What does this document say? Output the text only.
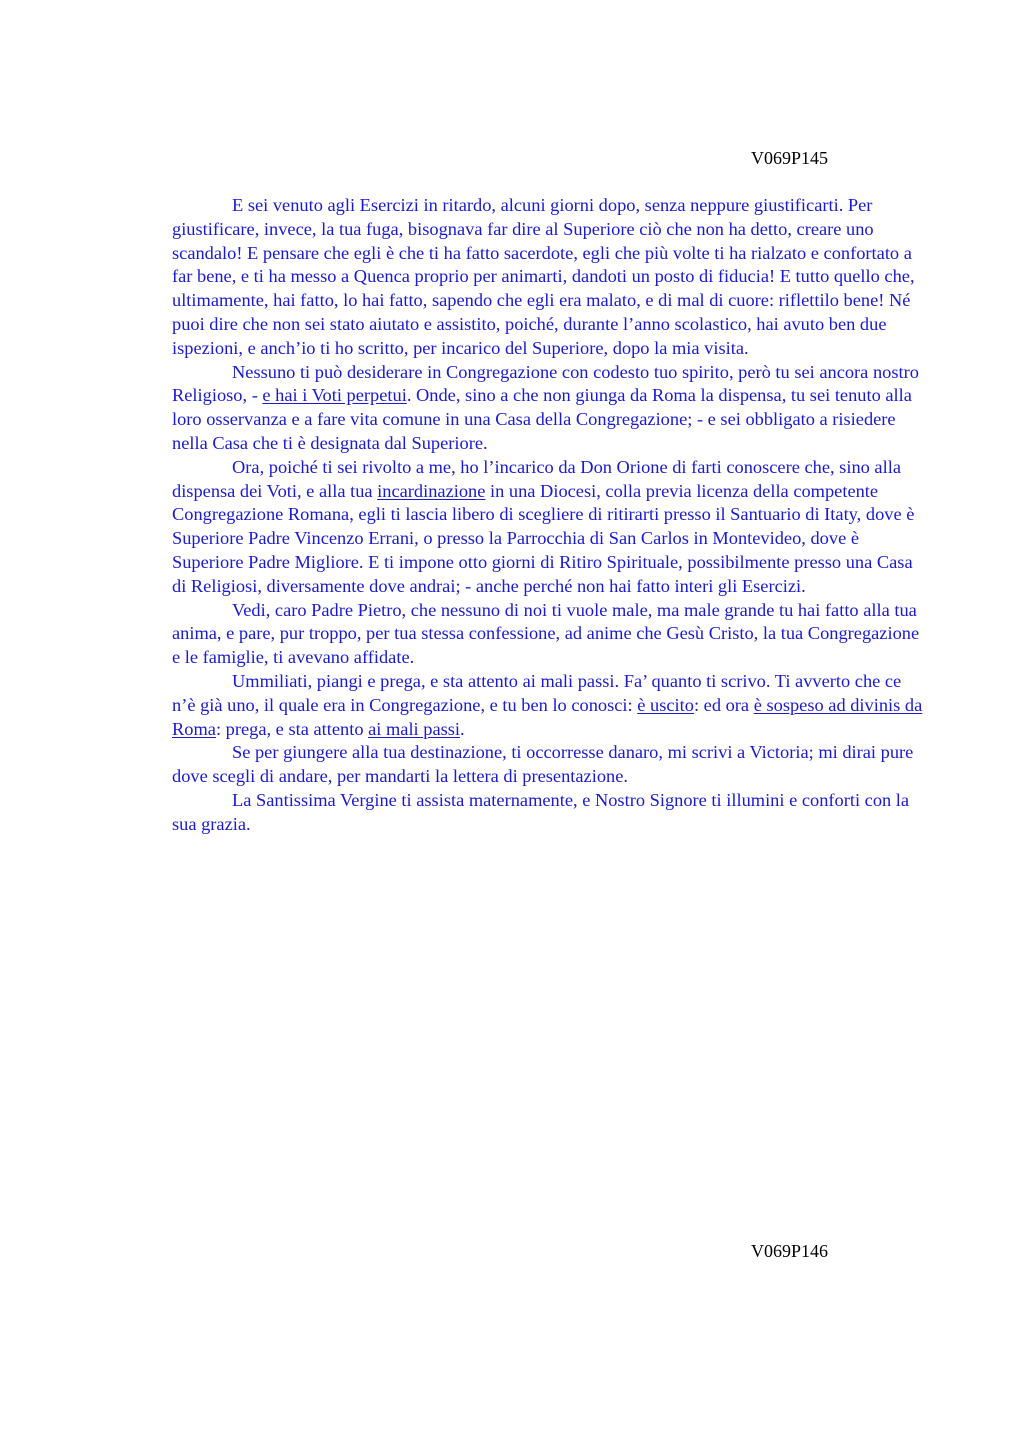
V069P145

E sei venuto agli Esercizi in ritardo, alcuni giorni dopo, senza neppure giustificarti. Per giustificare, invece, la tua fuga, bisognava far dire al Superiore ciò che non ha detto, creare uno scandalo! E pensare che egli è che ti ha fatto sacerdote, egli che più volte ti ha rialzato e confortato a far bene, e ti ha messo a Quenca proprio per animarti, dandoti un posto di fiducia! E tutto quello che, ultimamente, hai fatto, lo hai fatto, sapendo che egli era malato, e di mal di cuore: riflettilo bene! Né puoi dire che non sei stato aiutato e assistito, poiché, durante l’anno scolastico, hai avuto ben due ispezioni, e anch’io ti ho scritto, per incarico del Superiore, dopo la mia visita.

Nessuno ti può desiderare in Congregazione con codesto tuo spirito, però tu sei ancora nostro Religioso, - e hai i Voti perpetui. Onde, sino a che non giunga da Roma la dispensa, tu sei tenuto alla loro osservanza e a fare vita comune in una Casa della Congregazione; - e sei obbligato a risiedere nella Casa che ti è designata dal Superiore.

Ora, poiché ti sei rivolto a me, ho l’incarico da Don Orione di farti conoscere che, sino alla dispensa dei Voti, e alla tua incardinazione in una Diocesi, colla previa licenza della competente Congregazione Romana, egli ti lascia libero di scegliere di ritirarti presso il Santuario di Itaty, dove è Superiore Padre Vincenzo Errani, o presso la Parrocchia di San Carlos in Montevideo, dove è Superiore Padre Migliore. E ti impone otto giorni di Ritiro Spirituale, possibilmente presso una Casa di Religiosi, diversamente dove andrai; - anche perché non hai fatto interi gli Esercizi.

Vedi, caro Padre Pietro, che nessuno di noi ti vuole male, ma male grande tu hai fatto alla tua anima, e pare, pur troppo, per tua stessa confessione, ad anime che Gesù Cristo, la tua Congregazione e le famiglie, ti avevano affidate.

Ummiliati, piangi e prega, e sta attento ai mali passi. Fa’ quanto ti scrivo. Ti avverto che ce n’è già uno, il quale era in Congregazione, e tu ben lo conosci: è uscito: ed ora è sospeso ad divinis da Roma: prega, e sta attento ai mali passi.

Se per giungere alla tua destinazione, ti occorresse danaro, mi scrivi a Victoria; mi dirai pure dove scegli di andare, per mandarti la lettera di presentazione.

La Santissima Vergine ti assista maternamente, e Nostro Signore ti illumini e conforti con la sua grazia.

V069P146
